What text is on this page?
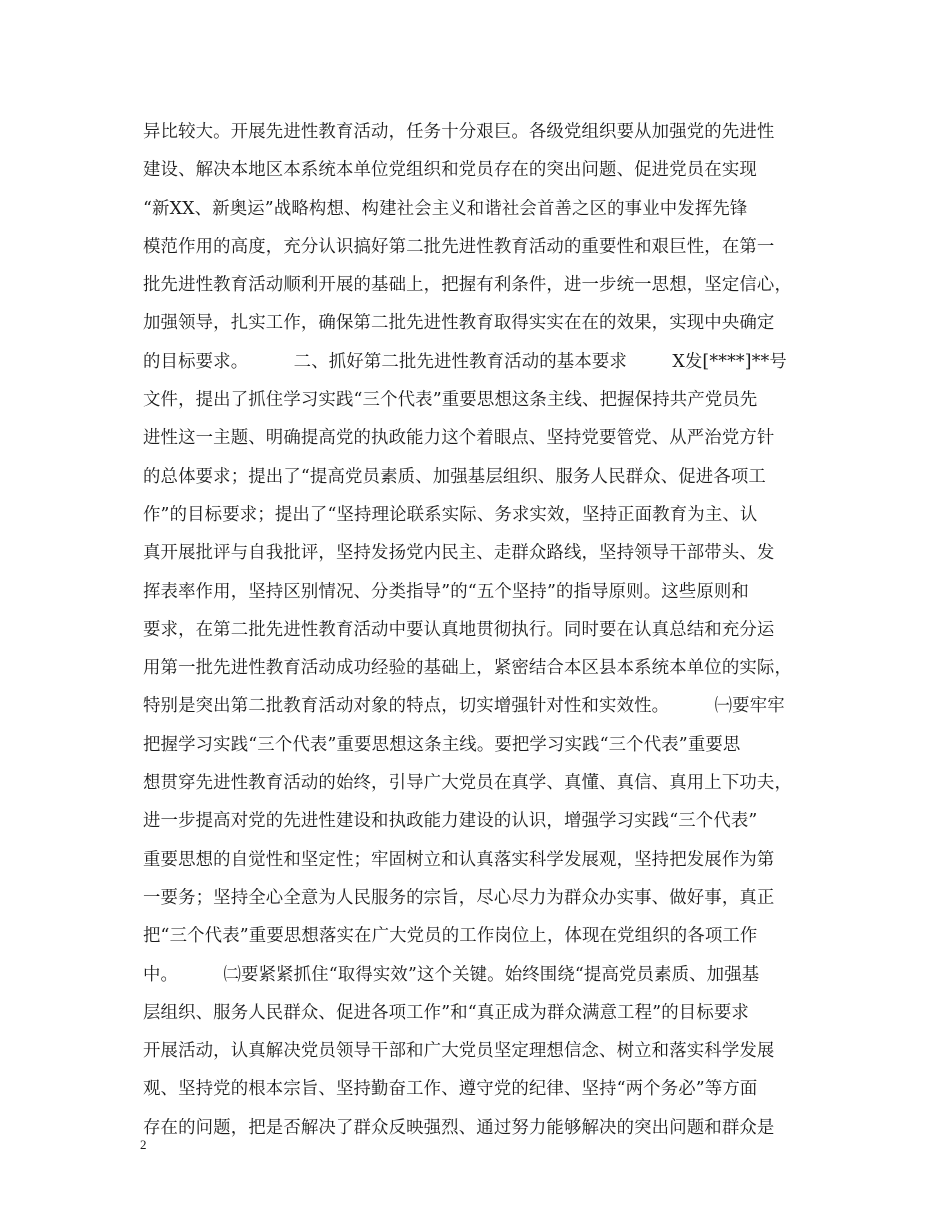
异比较大。开展先进性教育活动，任务十分艰巨。各级党组织要从加强党的先进性
建设、解决本地区本系统本单位党组织和党员存在的突出问题、促进党员在实现
“新XX、新奥运”战略构想、构建社会主义和谐社会首善之区的事业中发挥先锋
模范作用的高度，充分认识搞好第二批先进性教育活动的重要性和艰巨性，在第一
批先进性教育活动顺利开展的基础上，把握有利条件，进一步统一思想，坚定信心，
加强领导，扎实工作，确保第二批先进性教育取得实实在在的效果，实现中央确定
的目标要求。        二、抓好第二批先进性教育活动的基本要求        X发[****]**号
文件，提出了抓住学习实践“三个代表”重要思想这条主线、把握保持共产党员先
进性这一主题、明确提高党的执政能力这个着眼点、坚持党要管党、从严治党方针
的总体要求；提出了“提高党员素质、加强基层组织、服务人民群众、促进各项工
作”的目标要求；提出了“坚持理论联系实际、务求实效，坚持正面教育为主、认
真开展批评与自我批评，坚持发扬党内民主、走群众路线，坚持领导干部带头、发
挥表率作用，坚持区别情况、分类指导”的“五个坚持”的指导原则。这些原则和
要求，在第二批先进性教育活动中要认真地贯彻执行。同时要在认真总结和充分运
用第一批先进性教育活动成功经验的基础上，紧密结合本区县本系统本单位的实际，
特别是突出第二批教育活动对象的特点，切实增强针对性和实效性。        ㈠要牢牢
把握学习实践“三个代表”重要思想这条主线。要把学习实践“三个代表”重要思
想贯穿先进性教育活动的始终，引导广大党员在真学、真懂、真信、真用上下功夫，
进一步提高对党的先进性建设和执政能力建设的认识，增强学习实践“三个代表”
重要思想的自觉性和坚定性；牢固树立和认真落实科学发展观，坚持把发展作为第
一要务；坚持全心全意为人民服务的宗旨，尽心尽力为群众办实事、做好事，真正
把“三个代表”重要思想落实在广大党员的工作岗位上，体现在党组织的各项工作
中。        ㈡要紧紧抓住“取得实效”这个关键。始终围绕“提高党员素质、加强基
层组织、服务人民群众、促进各项工作”和“真正成为群众满意工程”的目标要求
开展活动，认真解决党员领导干部和广大党员坚定理想信念、树立和落实科学发展
观、坚持党的根本宗旨、坚持勤奋工作、遵守党的纪律、坚持“两个务必”等方面
存在的问题，把是否解决了群众反映强烈、通过努力能够解决的突出问题和群众是
2
